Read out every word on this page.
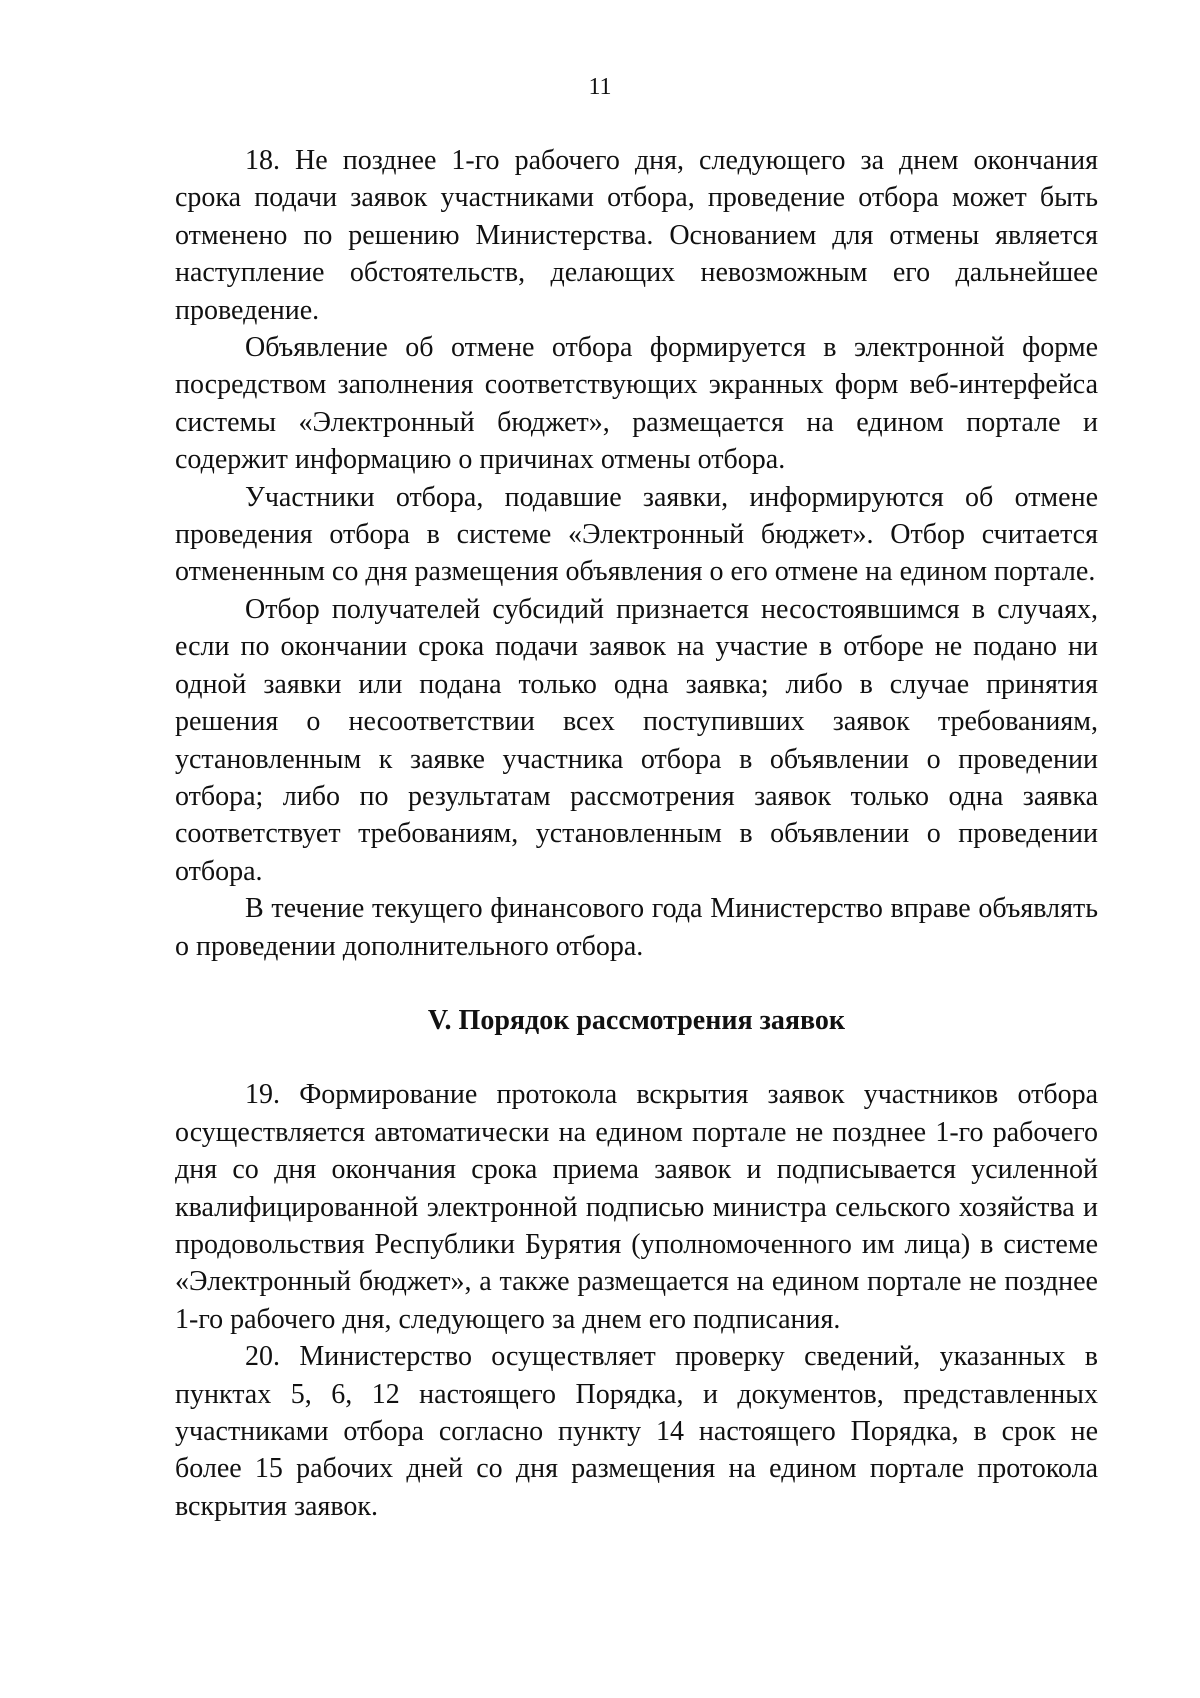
11

18. Не позднее 1-го рабочего дня, следующего за днем окончания срока подачи заявок участниками отбора, проведение отбора может быть отменено по решению Министерства. Основанием для отмены является наступление обстоятельств, делающих невозможным его дальнейшее проведение.

Объявление об отмене отбора формируется в электронной форме посредством заполнения соответствующих экранных форм веб-интерфейса системы «Электронный бюджет», размещается на едином портале и содержит информацию о причинах отмены отбора.

Участники отбора, подавшие заявки, информируются об отмене проведения отбора в системе «Электронный бюджет». Отбор считается отмененным со дня размещения объявления о его отмене на едином портале.

Отбор получателей субсидий признается несостоявшимся в случаях, если по окончании срока подачи заявок на участие в отборе не подано ни одной заявки или подана только одна заявка; либо в случае принятия решения о несоответствии всех поступивших заявок требованиям, установленным к заявке участника отбора в объявлении о проведении отбора; либо по результатам рассмотрения заявок только одна заявка соответствует требованиям, установленным в объявлении о проведении отбора.

В течение текущего финансового года Министерство вправе объявлять о проведении дополнительного отбора.

V. Порядок рассмотрения заявок

19. Формирование протокола вскрытия заявок участников отбора осуществляется автоматически на едином портале не позднее 1-го рабочего дня со дня окончания срока приема заявок и подписывается усиленной квалифицированной электронной подписью министра сельского хозяйства и продовольствия Республики Бурятия (уполномоченного им лица) в системе «Электронный бюджет», а также размещается на едином портале не позднее 1-го рабочего дня, следующего за днем его подписания.

20. Министерство осуществляет проверку сведений, указанных в пунктах 5, 6, 12 настоящего Порядка, и документов, представленных участниками отбора согласно пункту 14 настоящего Порядка, в срок не более 15 рабочих дней со дня размещения на едином портале протокола вскрытия заявок.
